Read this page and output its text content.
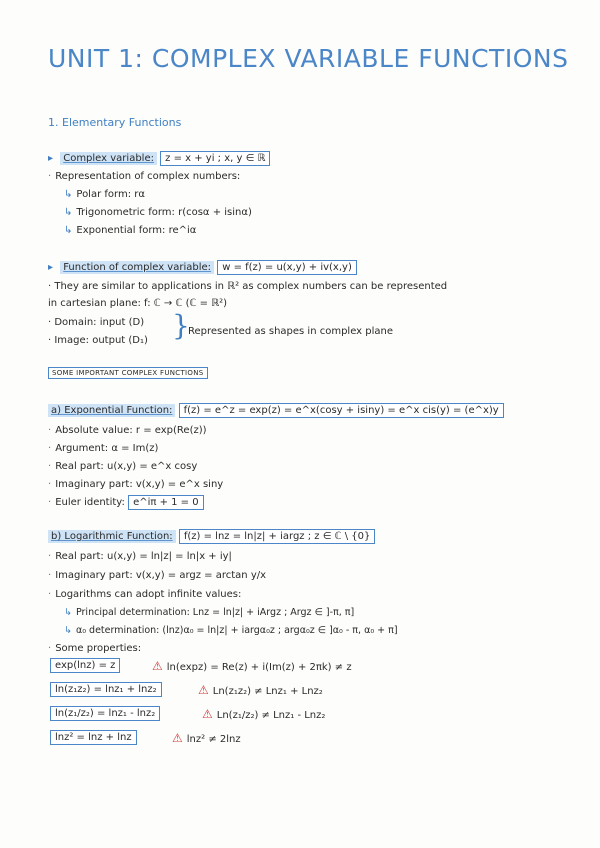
UNIT 1: COMPLEX VARIABLE FUNCTIONS
1. Elementary Functions
▸ Complex variable: z = x + yi ; x, y ∈ ℝ
· Representation of complex numbers:
↳ Polar form: rα
↳ Trigonometric form: r(cosα + isinα)
↳ Exponential form: re^iα
▸ Function of complex variable: w = f(z) = u(x,y) + iv(x,y)
· They are similar to applications in ℝ² as complex numbers can be represented
in cartesian plane: f: ℂ → ℂ (ℂ = ℝ²)
· Domain: input (D)
· Image: output (D₁) }
Represented as shapes in complex plane
SOME IMPORTANT COMPLEX FUNCTIONS
a) Exponential Function: f(z) = e^z = exp(z) = e^x(cosy + isiny) = e^x cis(y) = (e^x)y
· Absolute value: r = exp(Re(z))
· Argument: α = Im(z)
· Real part: u(x,y) = e^x cosy
· Imaginary part: v(x,y) = e^x siny
· Euler identity: e^iπ + 1 = 0
b) Logarithmic Function: f(z) = lnz = ln|z| + iargz ; z ∈ ℂ \ {0}
· Real part: u(x,y) = ln|z| = ln|x + iy|
· Imaginary part: v(x,y) = argz = arctan y/x
· Logarithms can adopt infinite values:
↳ Principal determination: Lnz = ln|z| + iArgz ; Argz ∈ ]-π, π]
↳ α₀ determination: (lnz)α₀ = ln|z| + iargα₀z ; argα₀z ∈ ]α₀ - π, α₀ + π]
· Some properties:
exp(lnz) = z	⚠ ln(expz) = Re(z) + i(Im(z) + 2πk) ≠ z
ln(z₁z₂) = lnz₁ + lnz₂	⚠ Ln(z₁z₂) ≠ Lnz₁ + Lnz₂
ln(z₁/z₂) = lnz₁ - lnz₂	⚠ Ln(z₁/z₂) ≠ Lnz₁ - Lnz₂
lnz² = lnz + lnz	⚠ lnz² ≠ 2lnz
